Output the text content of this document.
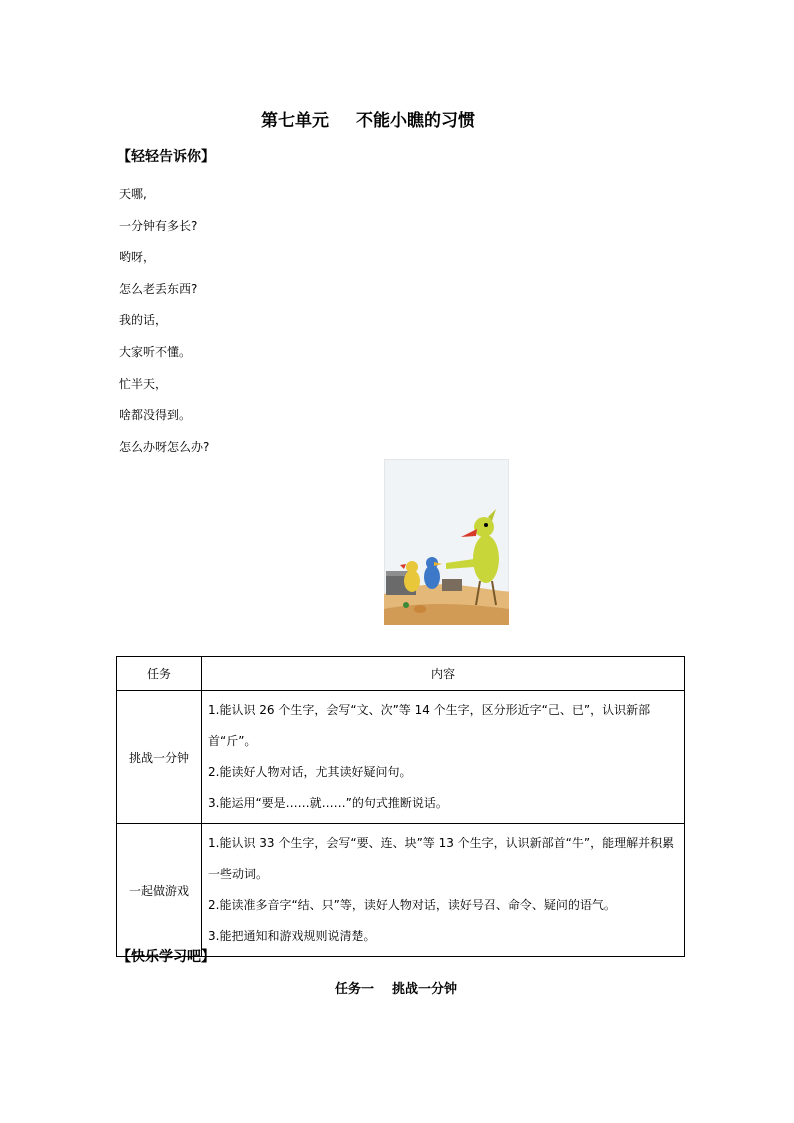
第七单元 不能小瞧的习惯
【轻轻告诉你】
天哪,
一分钟有多长?
哟呀，
怎么老丢东西?
我的话，
大家听不懂。
忙半天，
啥都没得到。
怎么办呀怎么办?
任务	内容
挑战一分钟	1.能认识 26 个生字，会写“文、次”等 14 个生字，区分形近字“己、已”，认识新部首“斤”。
2.能读好人物对话，尤其读好疑问句。
3.能运用“要是……就……”的句式推断说话。

一起做游戏	1.能认识 33 个生字，会写“要、连、块”等 13 个生字，认识新部首“牛”，能理解并积累一些动词。
2.能读准多音字“结、只”等，读好人物对话，读好号召、命令、疑问的语气。
3.能把通知和游戏规则说清楚。
【快乐学习吧】
任务一 挑战一分钟
